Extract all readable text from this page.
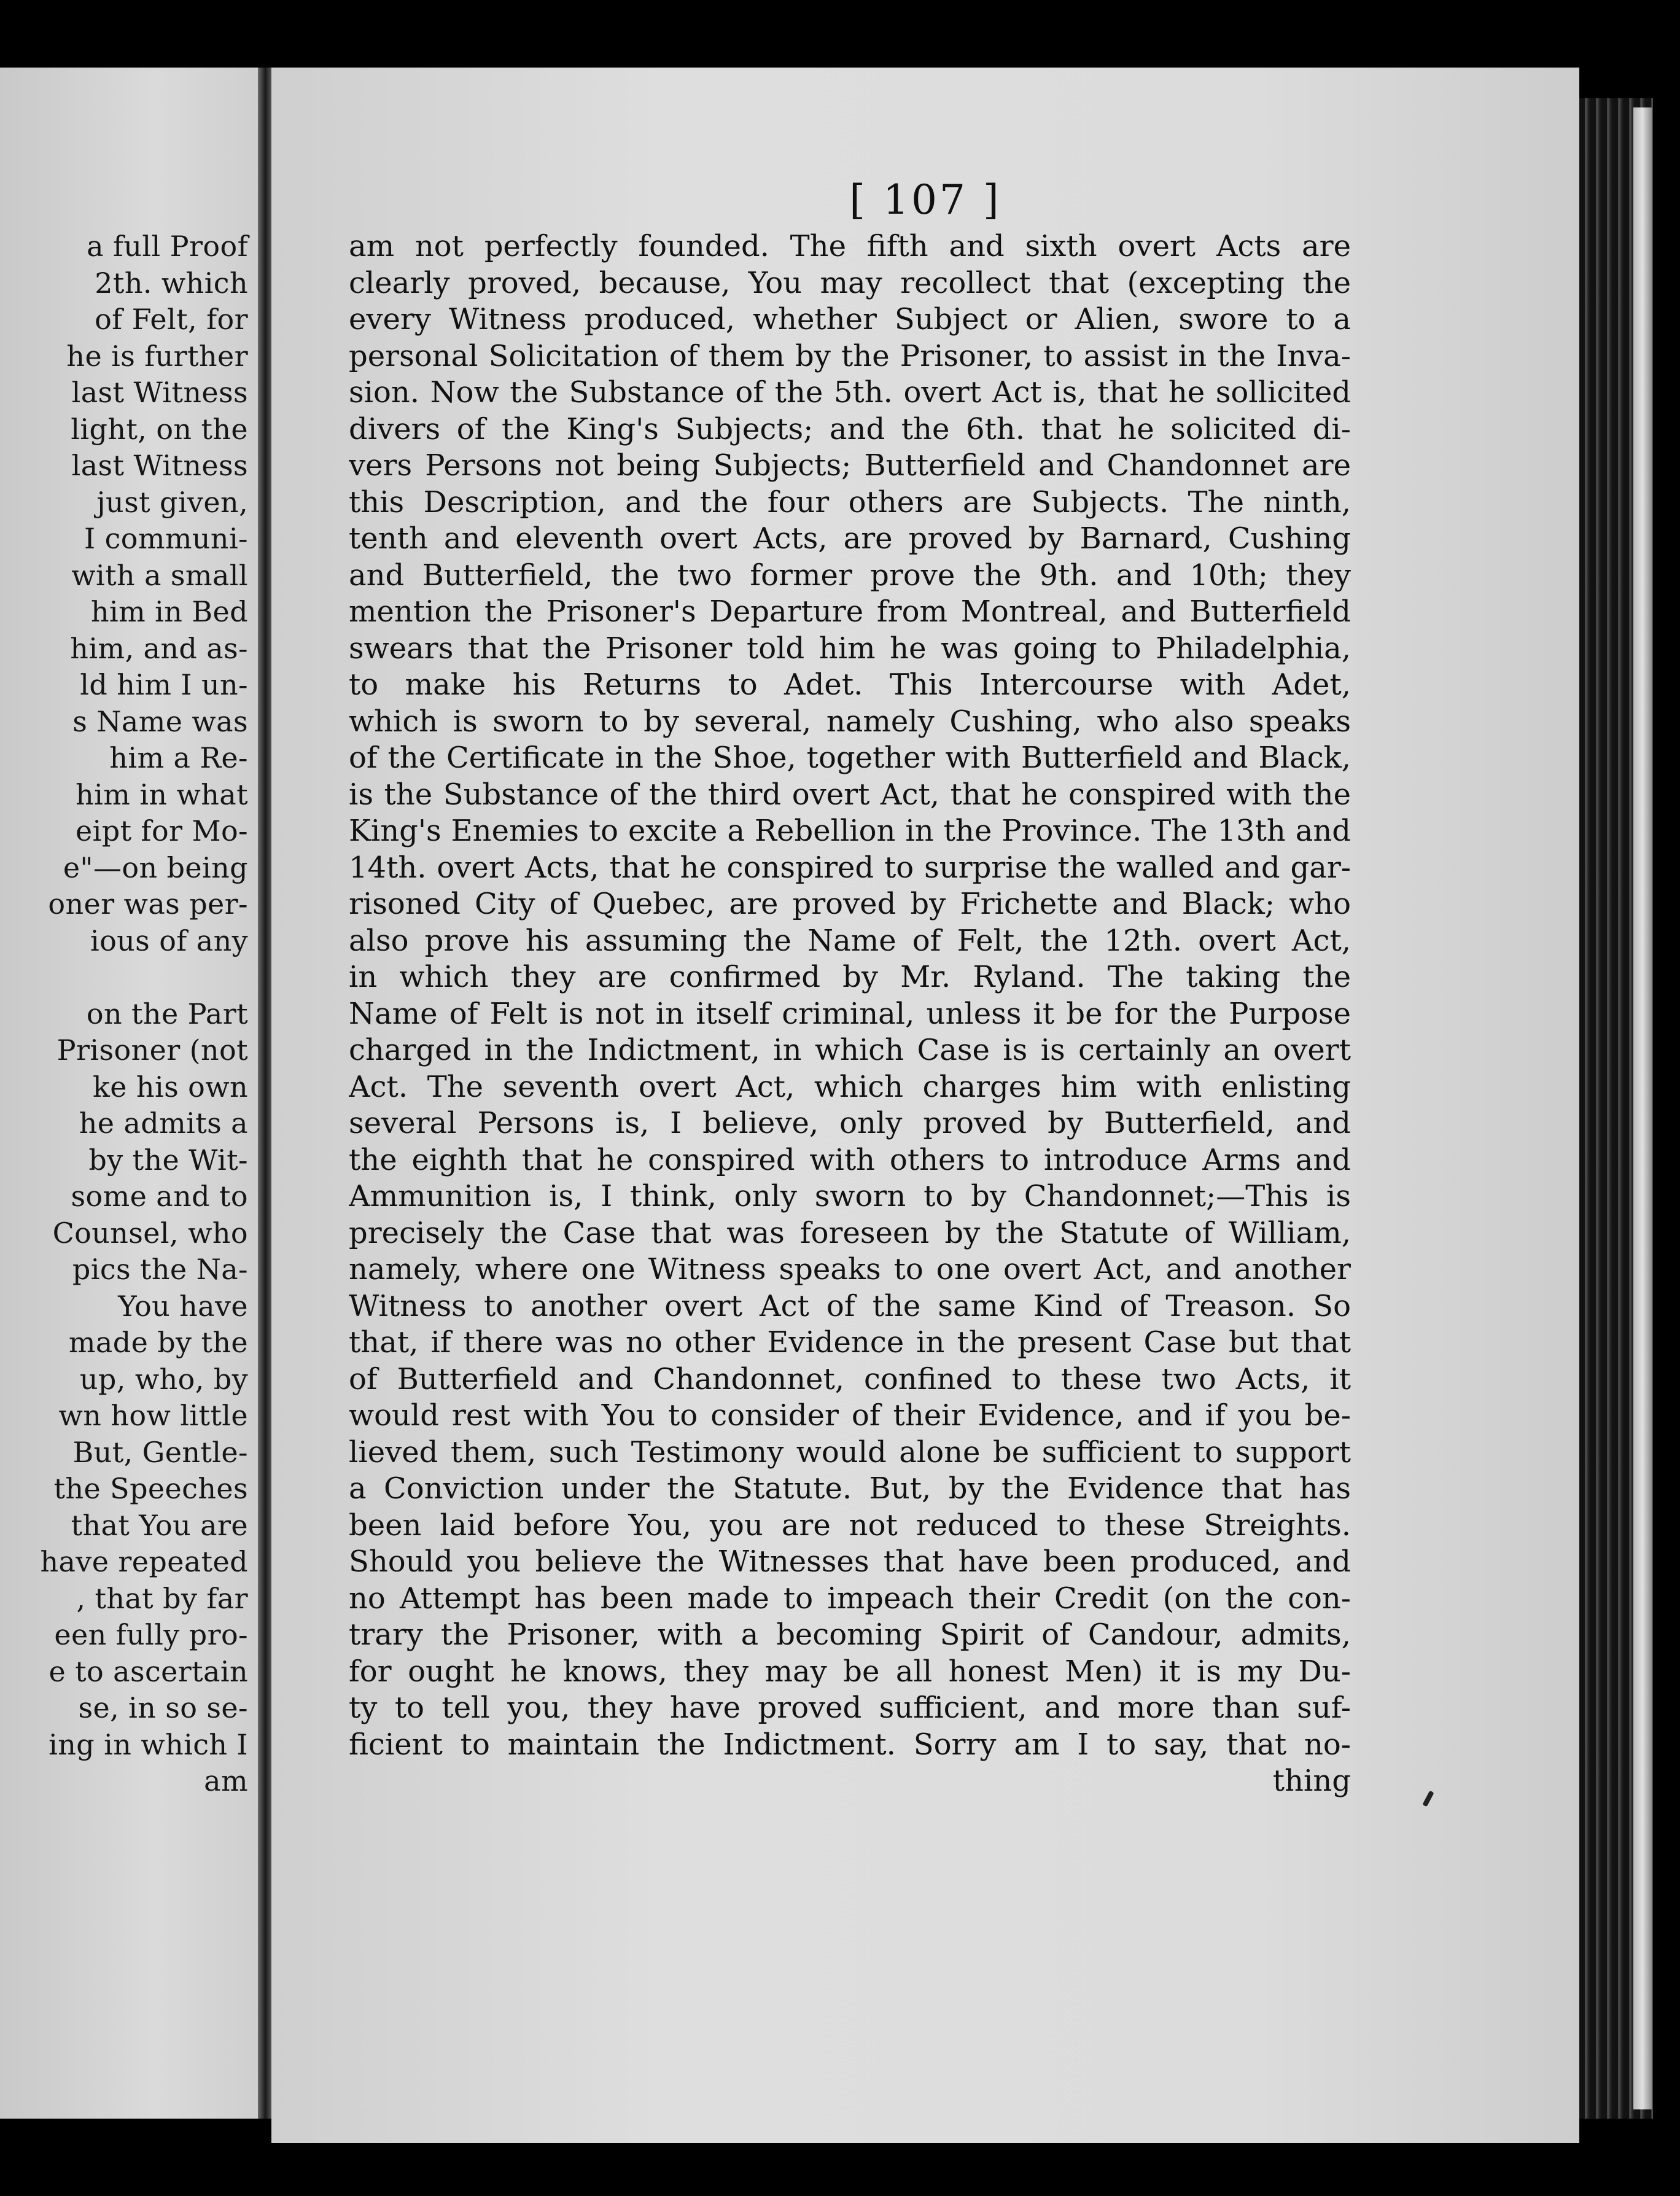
a full Proof
2th. which
of Felt, for
he is further
last Witness
light, on the
last Witness
just given,
I communi-
with a small
him in Bed
him, and as-
ld him I un-
s Name was
him a Re-
him in what
eipt for Mo-
e"—on being
oner was per-
ious of any
on the Part
Prisoner (not
ke his own
he admits a
by the Wit-
some and to
Counsel, who
pics the Na-
You have
made by the
up, who, by
wn how little
But, Gentle-
the Speeches
that You are
have repeated
, that by far
een fully pro-
e to ascertain
se, in so se-
ing in which I
am
[ 107 ]
am not perfectly founded. The fifth and sixth overt Acts are
clearly proved, because, You may recollect that (excepting the
every Witness produced, whether Subject or Alien, swore to a
personal Solicitation of them by the Prisoner, to assist in the Inva-
sion. Now the Substance of the 5th. overt Act is, that he sollicited
divers of the King's Subjects; and the 6th. that he solicited di-
vers Persons not being Subjects; Butterfield and Chandonnet are
this Description, and the four others are Subjects. The ninth,
tenth and eleventh overt Acts, are proved by Barnard, Cushing
and Butterfield, the two former prove the 9th. and 10th; they
mention the Prisoner's Departure from Montreal, and Butterfield
swears that the Prisoner told him he was going to Philadelphia,
to make his Returns to Adet. This Intercourse with Adet,
which is sworn to by several, namely Cushing, who also speaks
of the Certificate in the Shoe, together with Butterfield and Black,
is the Substance of the third overt Act, that he conspired with the
King's Enemies to excite a Rebellion in the Province. The 13th and
14th. overt Acts, that he conspired to surprise the walled and gar-
risoned City of Quebec, are proved by Frichette and Black; who
also prove his assuming the Name of Felt, the 12th. overt Act,
in which they are confirmed by Mr. Ryland. The taking the
Name of Felt is not in itself criminal, unless it be for the Purpose
charged in the Indictment, in which Case is is certainly an overt
Act. The seventh overt Act, which charges him with enlisting
several Persons is, I believe, only proved by Butterfield, and
the eighth that he conspired with others to introduce Arms and
Ammunition is, I think, only sworn to by Chandonnet;—This is
precisely the Case that was foreseen by the Statute of William,
namely, where one Witness speaks to one overt Act, and another
Witness to another overt Act of the same Kind of Treason. So
that, if there was no other Evidence in the present Case but that
of Butterfield and Chandonnet, confined to these two Acts, it
would rest with You to consider of their Evidence, and if you be-
lieved them, such Testimony would alone be sufficient to support
a Conviction under the Statute. But, by the Evidence that has
been laid before You, you are not reduced to these Streights.
Should you believe the Witnesses that have been produced, and
no Attempt has been made to impeach their Credit (on the con-
trary the Prisoner, with a becoming Spirit of Candour, admits,
for ought he knows, they may be all honest Men) it is my Du-
ty to tell you, they have proved sufficient, and more than suf-
ficient to maintain the Indictment. Sorry am I to say, that no-
thing
